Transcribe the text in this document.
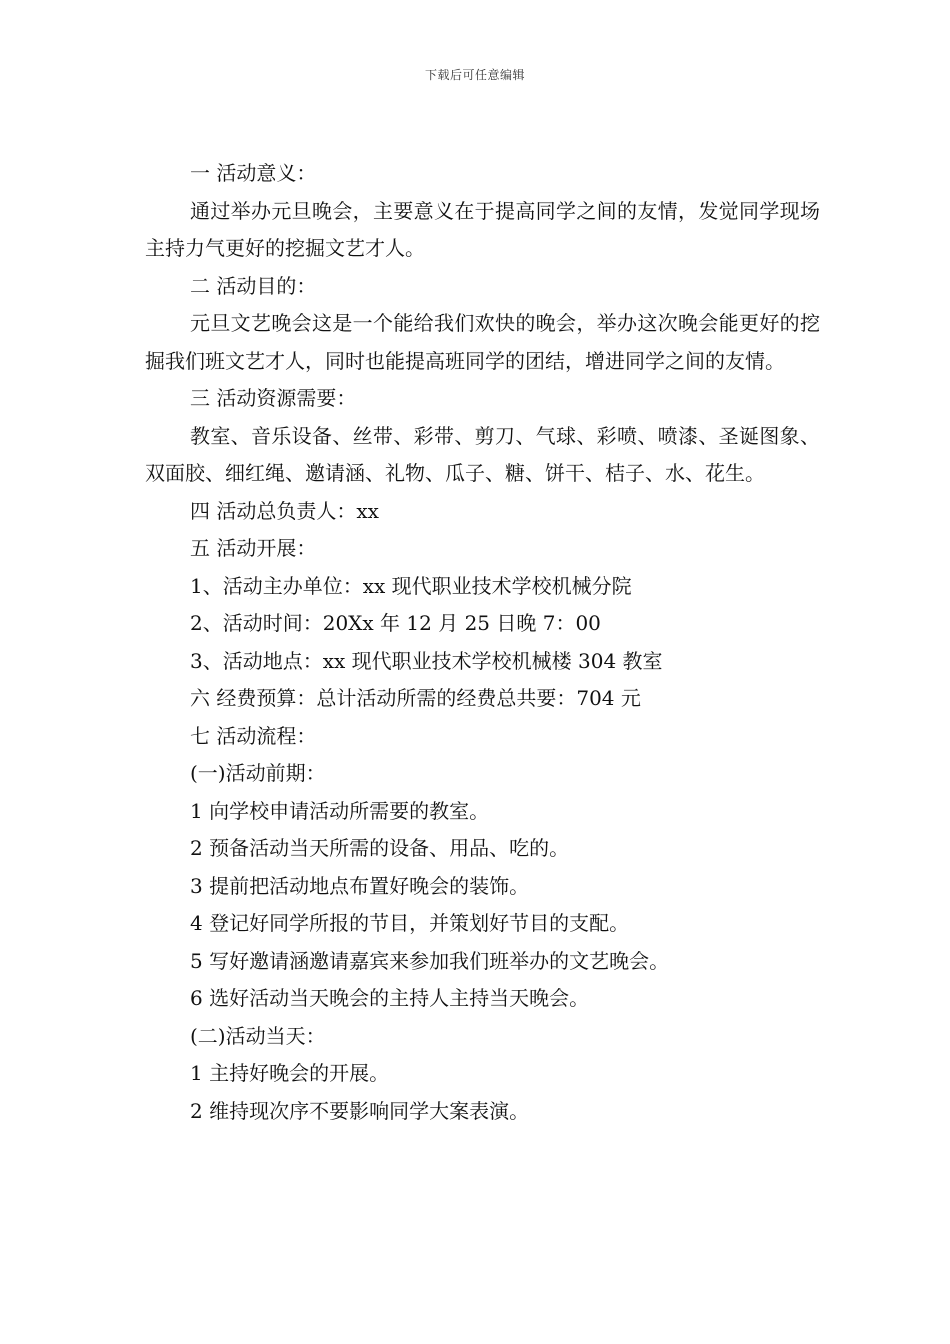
下载后可任意编辑

一 活动意义：

通过举办元旦晚会，主要意义在于提高同学之间的友情，发觉同学现场主持力气更好的挖掘文艺才人。

二 活动目的：

元旦文艺晚会这是一个能给我们欢快的晚会，举办这次晚会能更好的挖掘我们班文艺才人，同时也能提高班同学的团结，增进同学之间的友情。

三 活动资源需要：

教室、音乐设备、丝带、彩带、剪刀、气球、彩喷、喷漆、圣诞图象、双面胶、细红绳、邀请涵、礼物、瓜子、糖、饼干、桔子、水、花生。

四 活动总负责人：xx

五 活动开展：

1、活动主办单位：xx 现代职业技术学校机械分院

2、活动时间：20Xx 年 12 月 25 日晚 7：00

3、活动地点：xx 现代职业技术学校机械楼 304 教室

六 经费预算：总计活动所需的经费总共要：704 元

七 活动流程：

(一)活动前期：

1 向学校申请活动所需要的教室。

2 预备活动当天所需的设备、用品、吃的。

3 提前把活动地点布置好晚会的装饰。

4 登记好同学所报的节目，并策划好节目的支配。

5 写好邀请涵邀请嘉宾来参加我们班举办的文艺晚会。

6 选好活动当天晚会的主持人主持当天晚会。

(二)活动当天：

1 主持好晚会的开展。

2 维持现次序不要影响同学大案表演。
